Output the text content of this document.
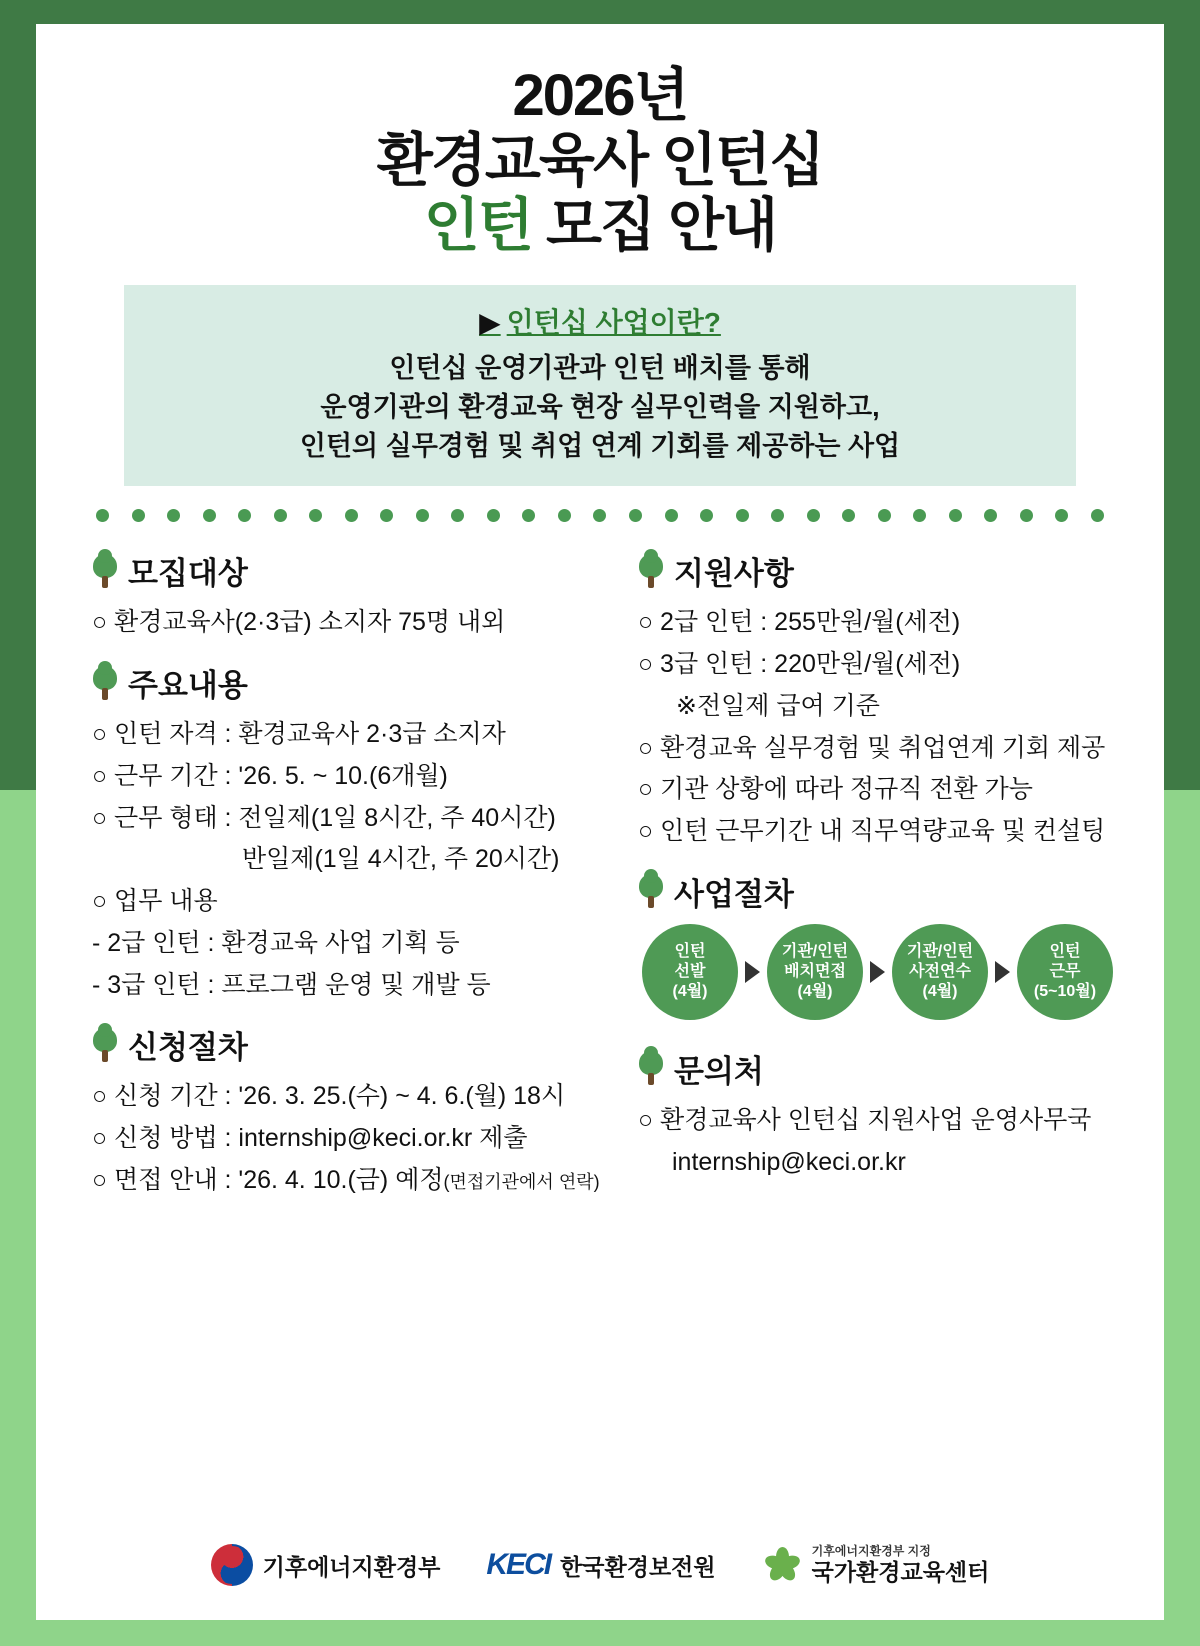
2026년
환경교육사 인턴십
인턴 모집 안내
▶ 인턴십 사업이란?
인턴십 운영기관과 인턴 배치를 통해
운영기관의 환경교육 현장 실무인력을 지원하고,
인턴의 실무경험 및 취업 연계 기회를 제공하는 사업
모집대상
○ 환경교육사(2·3급) 소지자 75명 내외
주요내용
○ 인턴 자격 : 환경교육사 2·3급 소지자
○ 근무 기간 : '26. 5. ~ 10.(6개월)
○ 근무 형태 : 전일제(1일 8시간, 주 40시간)
반일제(1일 4시간, 주 20시간)
○ 업무 내용
- 2급 인턴 : 환경교육 사업 기획 등
- 3급 인턴 : 프로그램 운영 및 개발 등
신청절차
○ 신청 기간 : '26. 3. 25.(수) ~ 4. 6.(월) 18시
○ 신청 방법 : internship@keci.or.kr 제출
○ 면접 안내 : '26. 4. 10.(금) 예정(면접기관에서 연락)
지원사항
○ 2급 인턴 : 255만원/월(세전)
○ 3급 인턴 : 220만원/월(세전)
※전일제 급여 기준
○ 환경교육 실무경험 및 취업연계 기회 제공
○ 기관 상황에 따라 정규직 전환 가능
○ 인턴 근무기간 내 직무역량교육 및 컨설팅
사업절차
인턴
선발
(4월)
기관/인턴
배치면접
(4월)
기관/인턴
사전연수
(4월)
인턴
근무
(5~10월)
문의처
○ 환경교육사 인턴십 지원사업 운영사무국
internship@keci.or.kr
기후에너지환경부 KECI 한국환경보전원
기후에너지환경부 지정
국가환경교육센터
